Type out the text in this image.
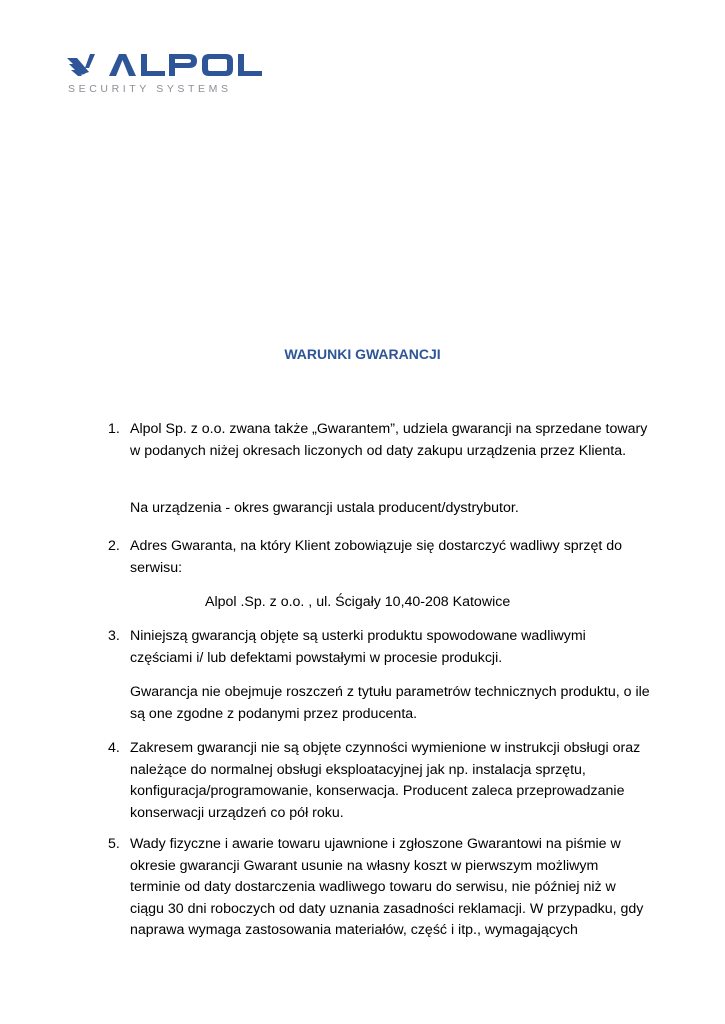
SECURITY SYSTEMS
WARUNKI GWARANCJI
1. Alpol Sp. z o.o. zwana także „Gwarantem”, udziela gwarancji na sprzedane towary w podanych niżej okresach liczonych od daty zakupu urządzenia przez Klienta.
Na urządzenia - okres gwarancji ustala producent/dystrybutor.
2. Adres Gwaranta, na który Klient zobowiązuje się dostarczyć wadliwy sprzęt do serwisu:
Alpol .Sp. z o.o. , ul. Ścigały 10,40-208 Katowice
3. Niniejszą gwarancją objęte są usterki produktu spowodowane wadliwymi częściami i/ lub defektami powstałymi w procesie produkcji.
Gwarancja nie obejmuje roszczeń z tytułu parametrów technicznych produktu, o ile są one zgodne z podanymi przez producenta.
4. Zakresem gwarancji nie są objęte czynności wymienione w instrukcji obsługi oraz należące do normalnej obsługi eksploatacyjnej jak np. instalacja sprzętu, konfiguracja/programowanie, konserwacja. Producent zaleca przeprowadzanie konserwacji urządzeń co pół roku.
5. Wady fizyczne i awarie towaru ujawnione i zgłoszone Gwarantowi na piśmie w okresie gwarancji Gwarant usunie na własny koszt w pierwszym możliwym terminie od daty dostarczenia wadliwego towaru do serwisu, nie później niż w ciągu 30 dni roboczych od daty uznania zasadności reklamacji. W przypadku, gdy naprawa wymaga zastosowania materiałów, część i itp., wymagających
